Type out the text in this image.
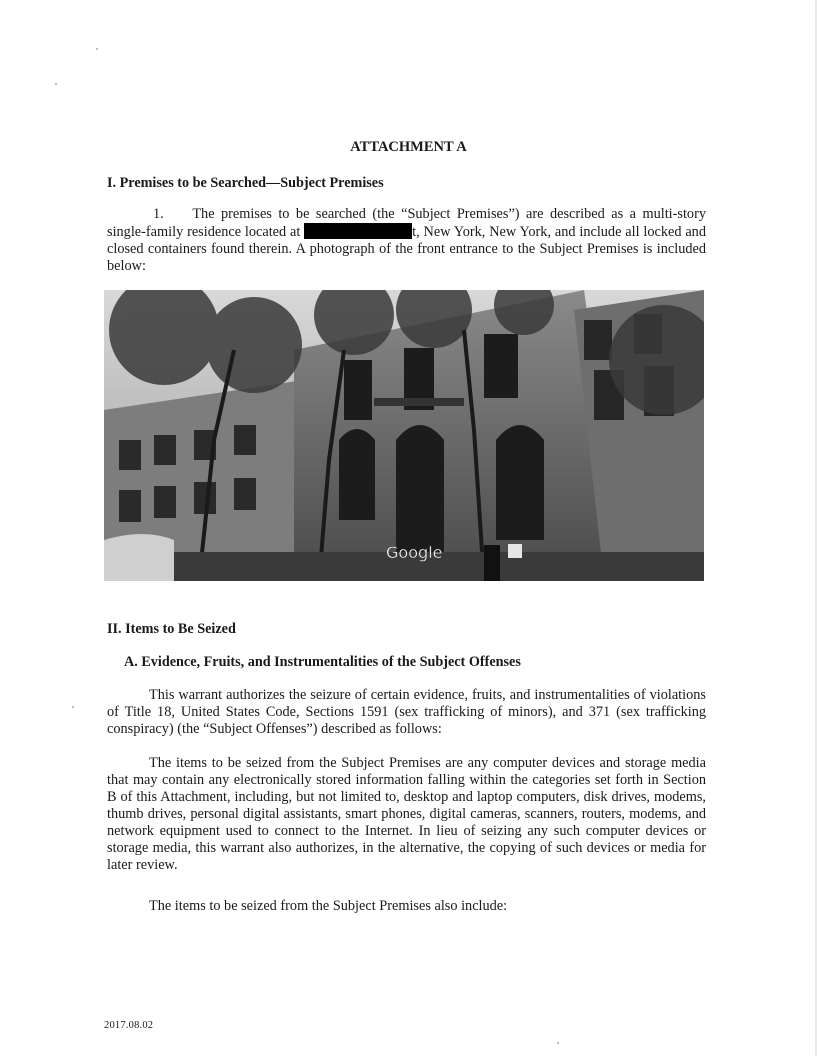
ATTACHMENT A
I. Premises to be Searched—Subject Premises
1.  The premises to be searched (the “Subject Premises”) are described as a multi-story single-family residence located at	t, New York, New York, and include all locked and closed containers found therein. A photograph of the front entrance to the Subject Premises is included below:
Google
II. Items to Be Seized
A. Evidence, Fruits, and Instrumentalities of the Subject Offenses
This warrant authorizes the seizure of certain evidence, fruits, and instrumentalities of violations of Title 18, United States Code, Sections 1591 (sex trafficking of minors), and 371 (sex trafficking conspiracy) (the “Subject Offenses”) described as follows:
The items to be seized from the Subject Premises are any computer devices and storage media that may contain any electronically stored information falling within the categories set forth in Section B of this Attachment, including, but not limited to, desktop and laptop computers, disk drives, modems, thumb drives, personal digital assistants, smart phones, digital cameras, scanners, routers, modems, and network equipment used to connect to the Internet. In lieu of seizing any such computer devices or storage media, this warrant also authorizes, in the alternative, the copying of such devices or media for later review.
The items to be seized from the Subject Premises also include:
2017.08.02
